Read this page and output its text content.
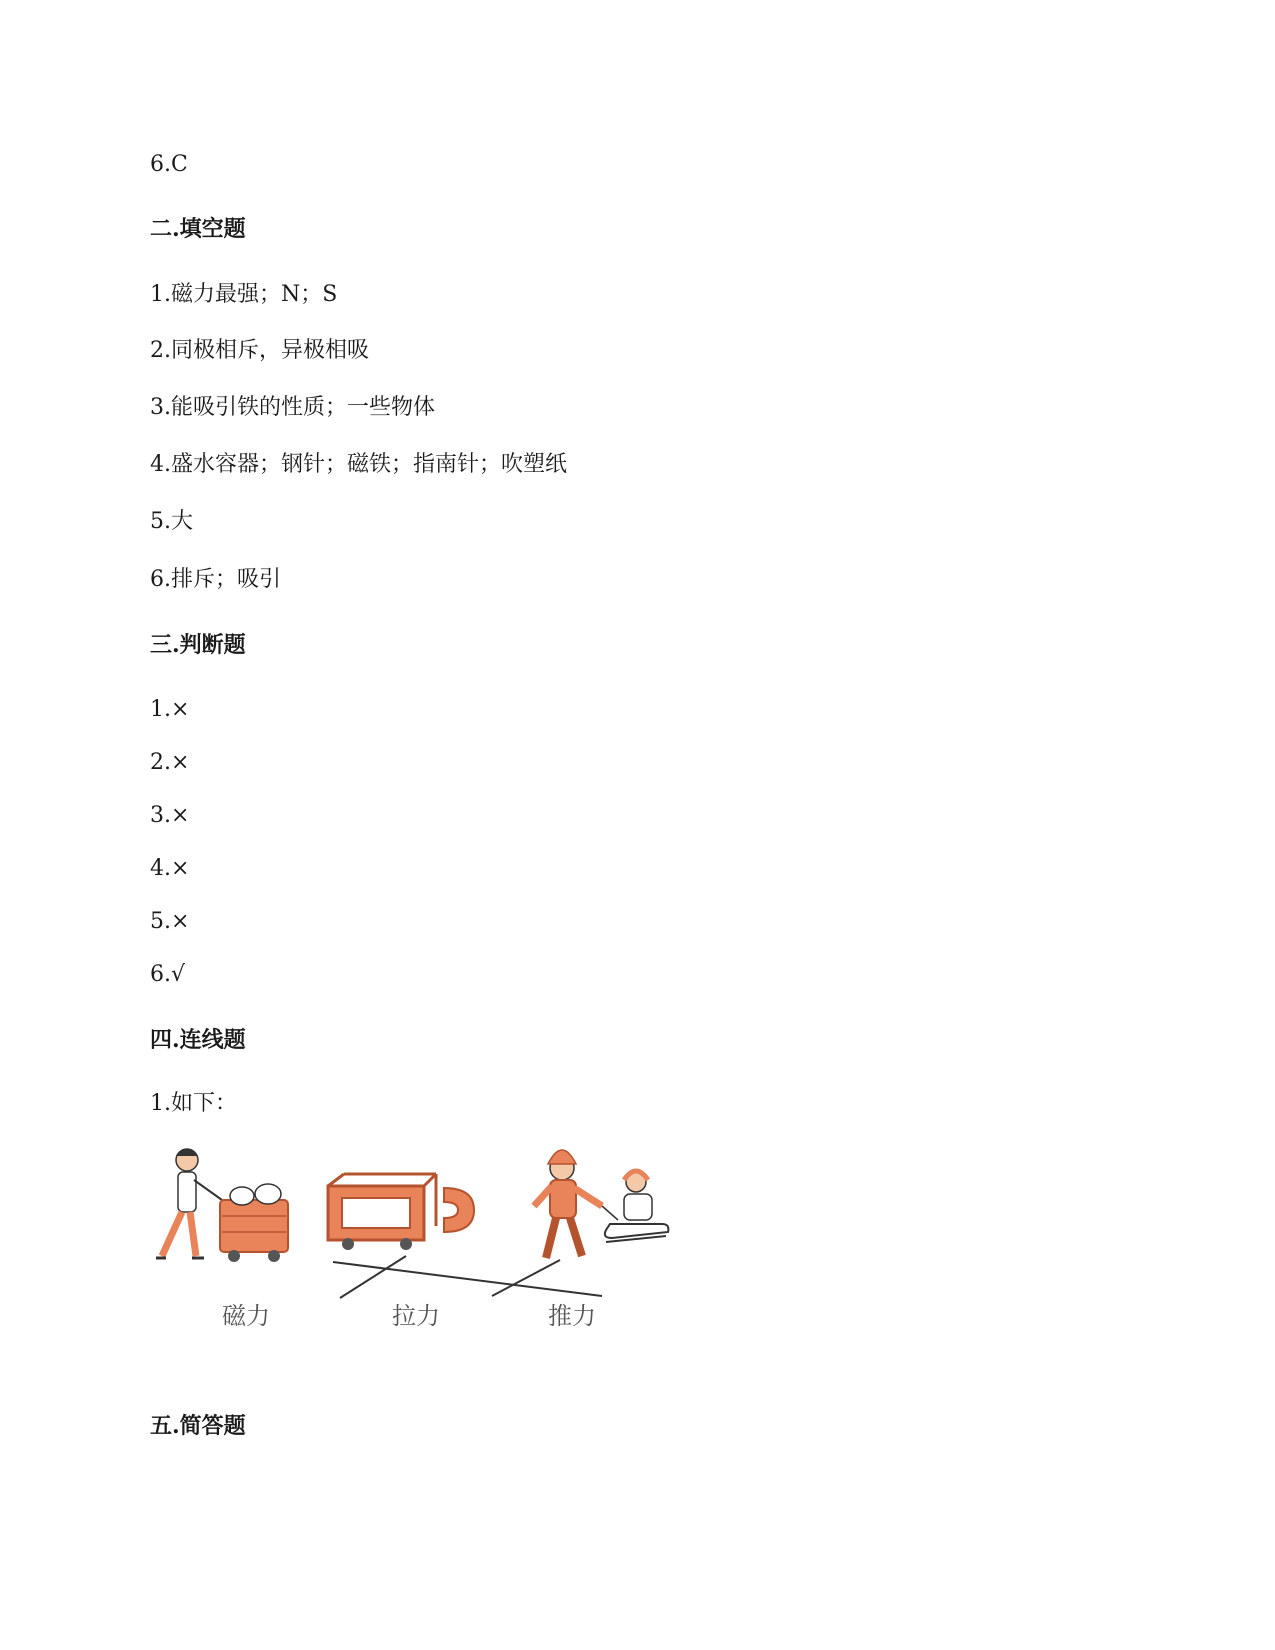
6.C
二.填空题
1.磁力最强；N；S
2.同极相斥，异极相吸
3.能吸引铁的性质；一些物体
4.盛水容器；钢针；磁铁；指南针；吹塑纸
5.大
6.排斥；吸引
三.判断题
1.×
2.×
3.×
4.×
5.×
6.√
四.连线题
1.如下：
磁力	拉力	推力
五.简答题
